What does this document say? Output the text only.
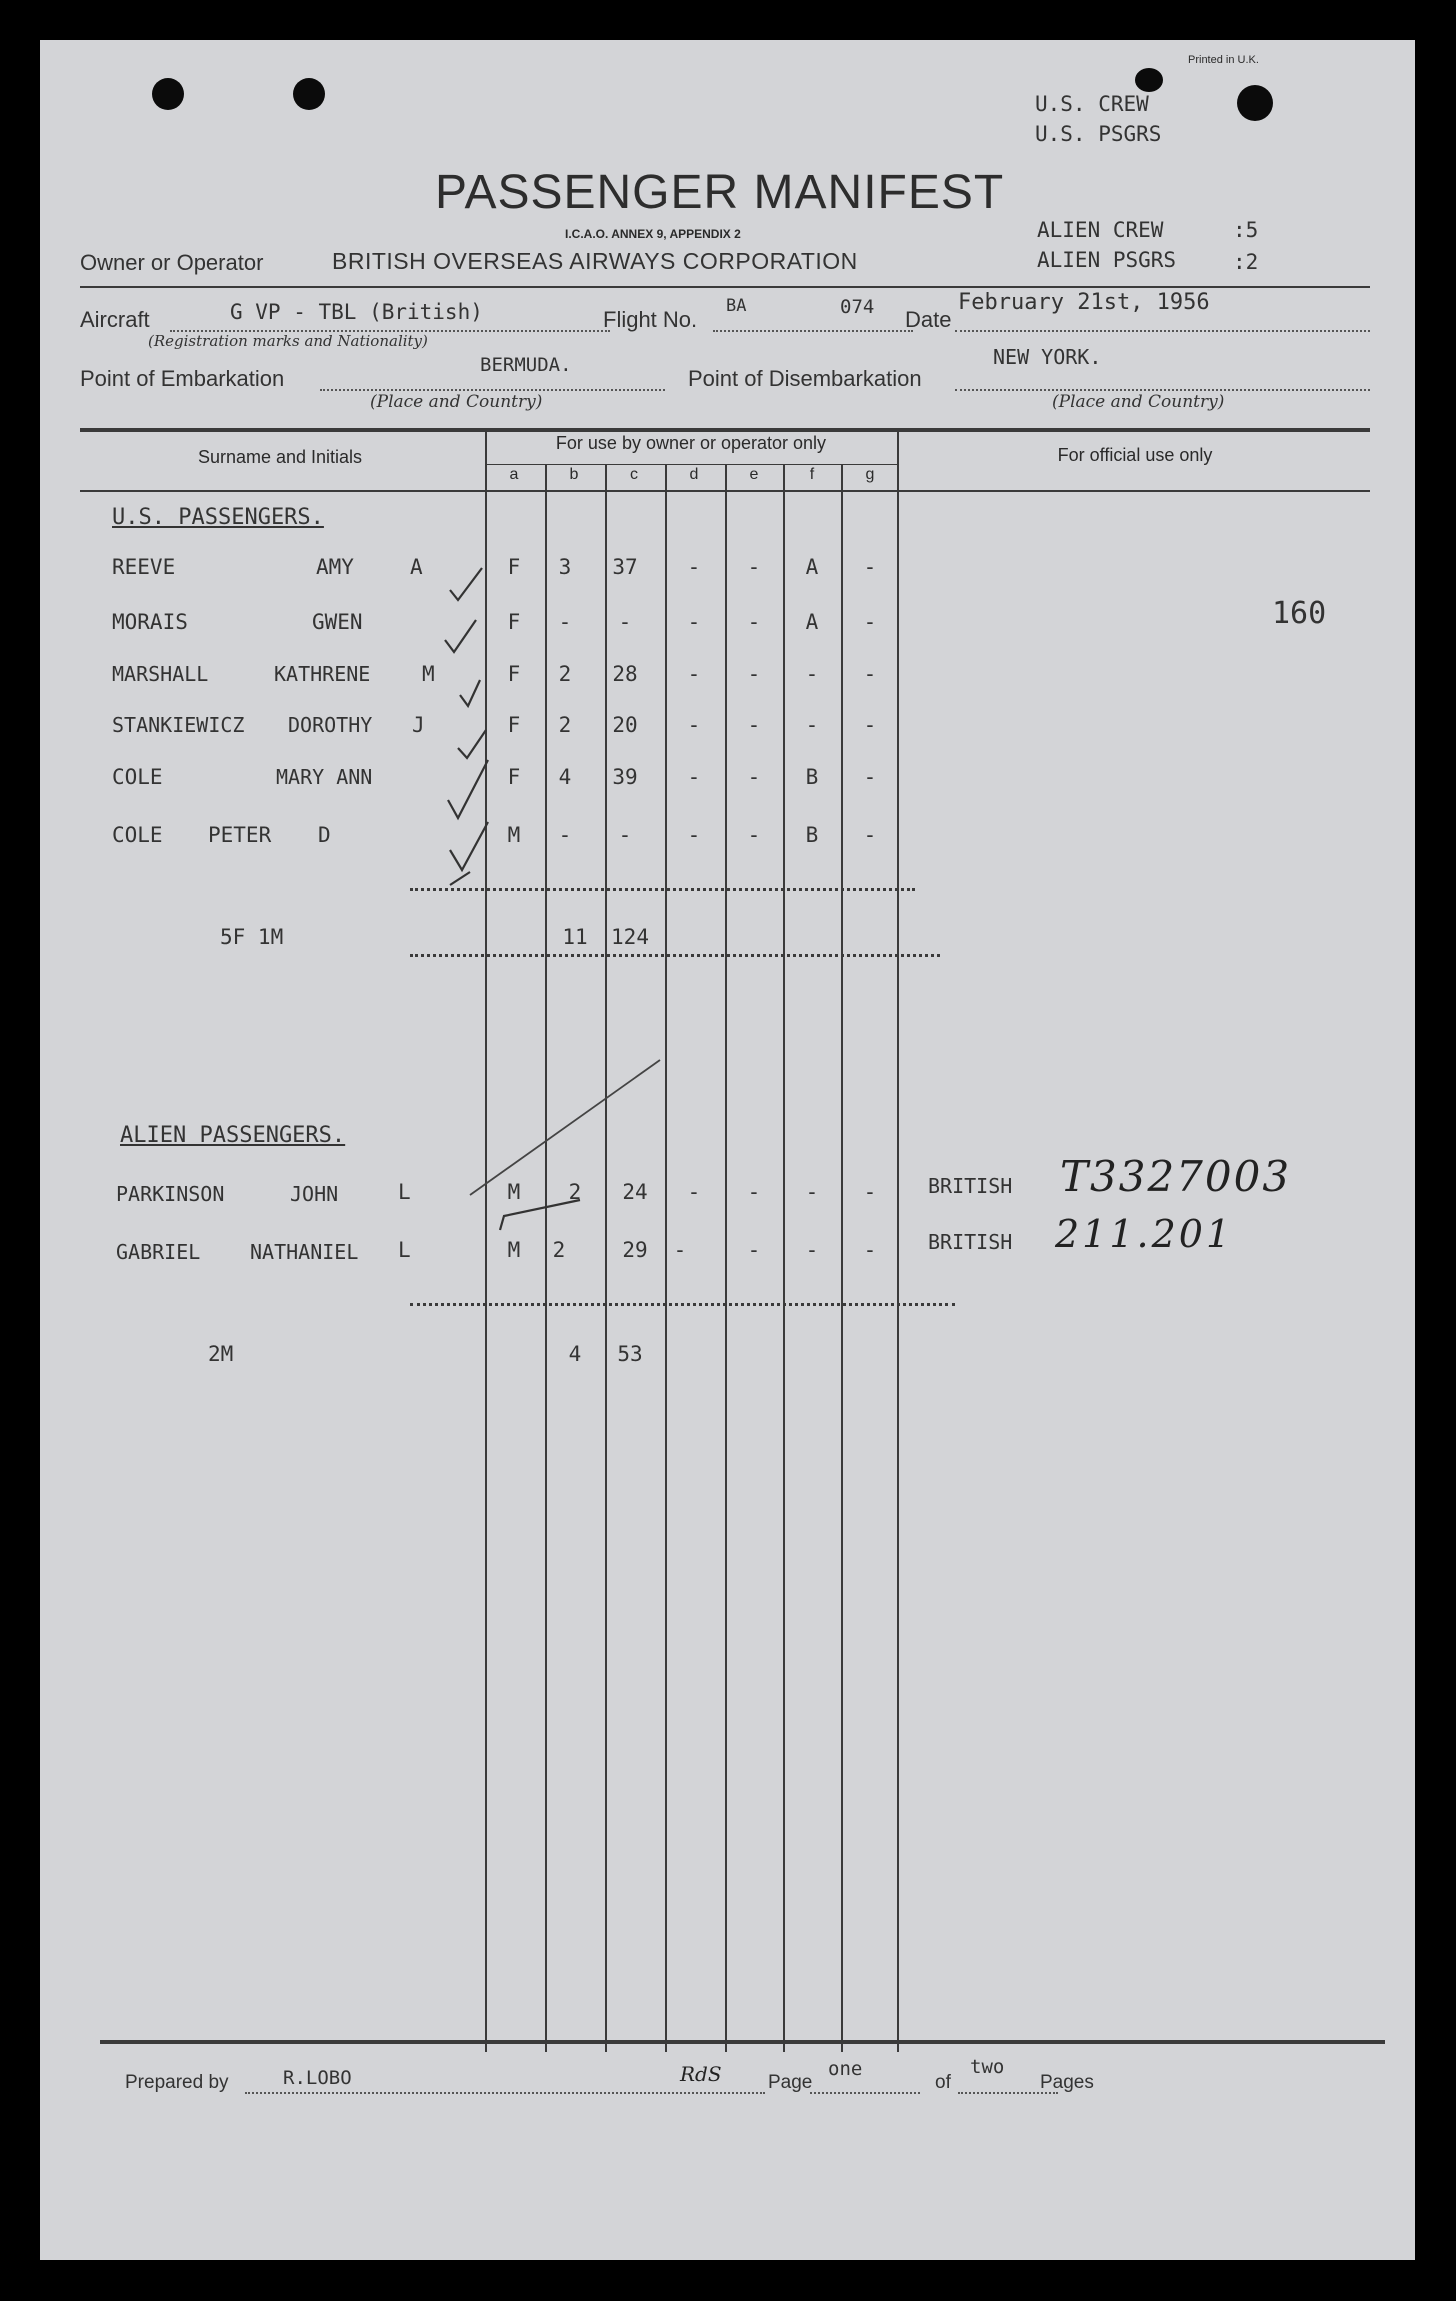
Printed in U.K.
U.S. CREW
U.S. PSGRS
ALIEN CREW	:5
ALIEN PSGRS	:2
PASSENGER MANIFEST
I.C.A.O. ANNEX 9, APPENDIX 2
Owner or Operator	BRITISH OVERSEAS AIRWAYS CORPORATION
Aircraft	G VP - TBL (British)
(Registration marks and Nationality)
Flight No.
BA	074 Date
February 21st, 1956
Point of Embarkation
BERMUDA.
(Place and Country)
Point of Disembarkation
NEW YORK.
(Place and Country)
Surname and Initials
For use by owner or operator only
For official use only
a	b	c	d	e	f	g
U.S. PASSENGERS.
REEVE	AMY	A	F	3	37	-	-	A	-
MORAIS	GWEN	F	-	-	-	-	A	-
MARSHALL	KATHRENE M	F	2	28	-	-	-	-
STANKIEWICZ DOROTHY J	F	2	20	-	-	-	-
COLE	MARY ANN	F	4	39	-	-	B	-
COLE PETER D	M	-	-	-	-	B	-
5F 1M	11	124
160
ALIEN PASSENGERS.
PARKINSON	JOHN	L	M	2	24	-	-	-	-	BRITISH T3327003
GABRIEL NATHANIEL L	M	2	29	-	-	-	-	BRITISH 211.201
2M	4	53
Prepared by	R.LOBO	RdS Page
one
of
two
Pages
